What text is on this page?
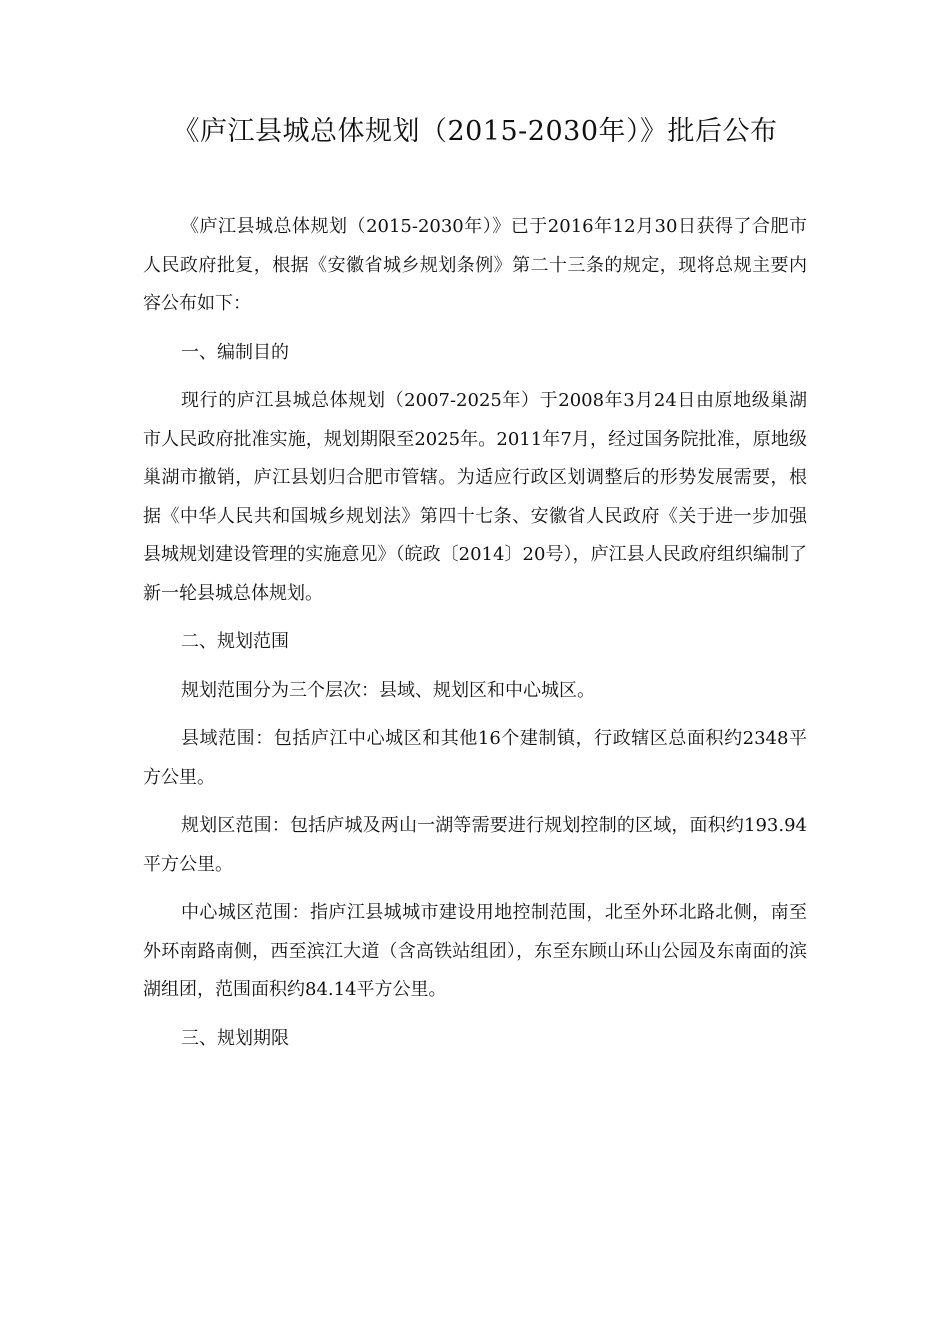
《庐江县城总体规划（2015-2030年）》批后公布

《庐江县城总体规划（2015-2030年）》已于2016年12月30日获得了合肥市人民政府批复，根据《安徽省城乡规划条例》第二十三条的规定，现将总规主要内容公布如下：

一、编制目的

现行的庐江县城总体规划（2007-2025年）于2008年3月24日由原地级巢湖市人民政府批准实施，规划期限至2025年。2011年7月，经过国务院批准，原地级巢湖市撤销，庐江县划归合肥市管辖。为适应行政区划调整后的形势发展需要，根据《中华人民共和国城乡规划法》第四十七条、安徽省人民政府《关于进一步加强县城规划建设管理的实施意见》（皖政〔2014〕20号），庐江县人民政府组织编制了新一轮县城总体规划。

二、规划范围

规划范围分为三个层次：县域、规划区和中心城区。

县域范围：包括庐江中心城区和其他16个建制镇，行政辖区总面积约2348平方公里。

规划区范围：包括庐城及两山一湖等需要进行规划控制的区域，面积约193.94平方公里。

中心城区范围：指庐江县城城市建设用地控制范围，北至外环北路北侧，南至外环南路南侧，西至滨江大道（含高铁站组团），东至东顾山环山公园及东南面的滨湖组团，范围面积约84.14平方公里。

三、规划期限
